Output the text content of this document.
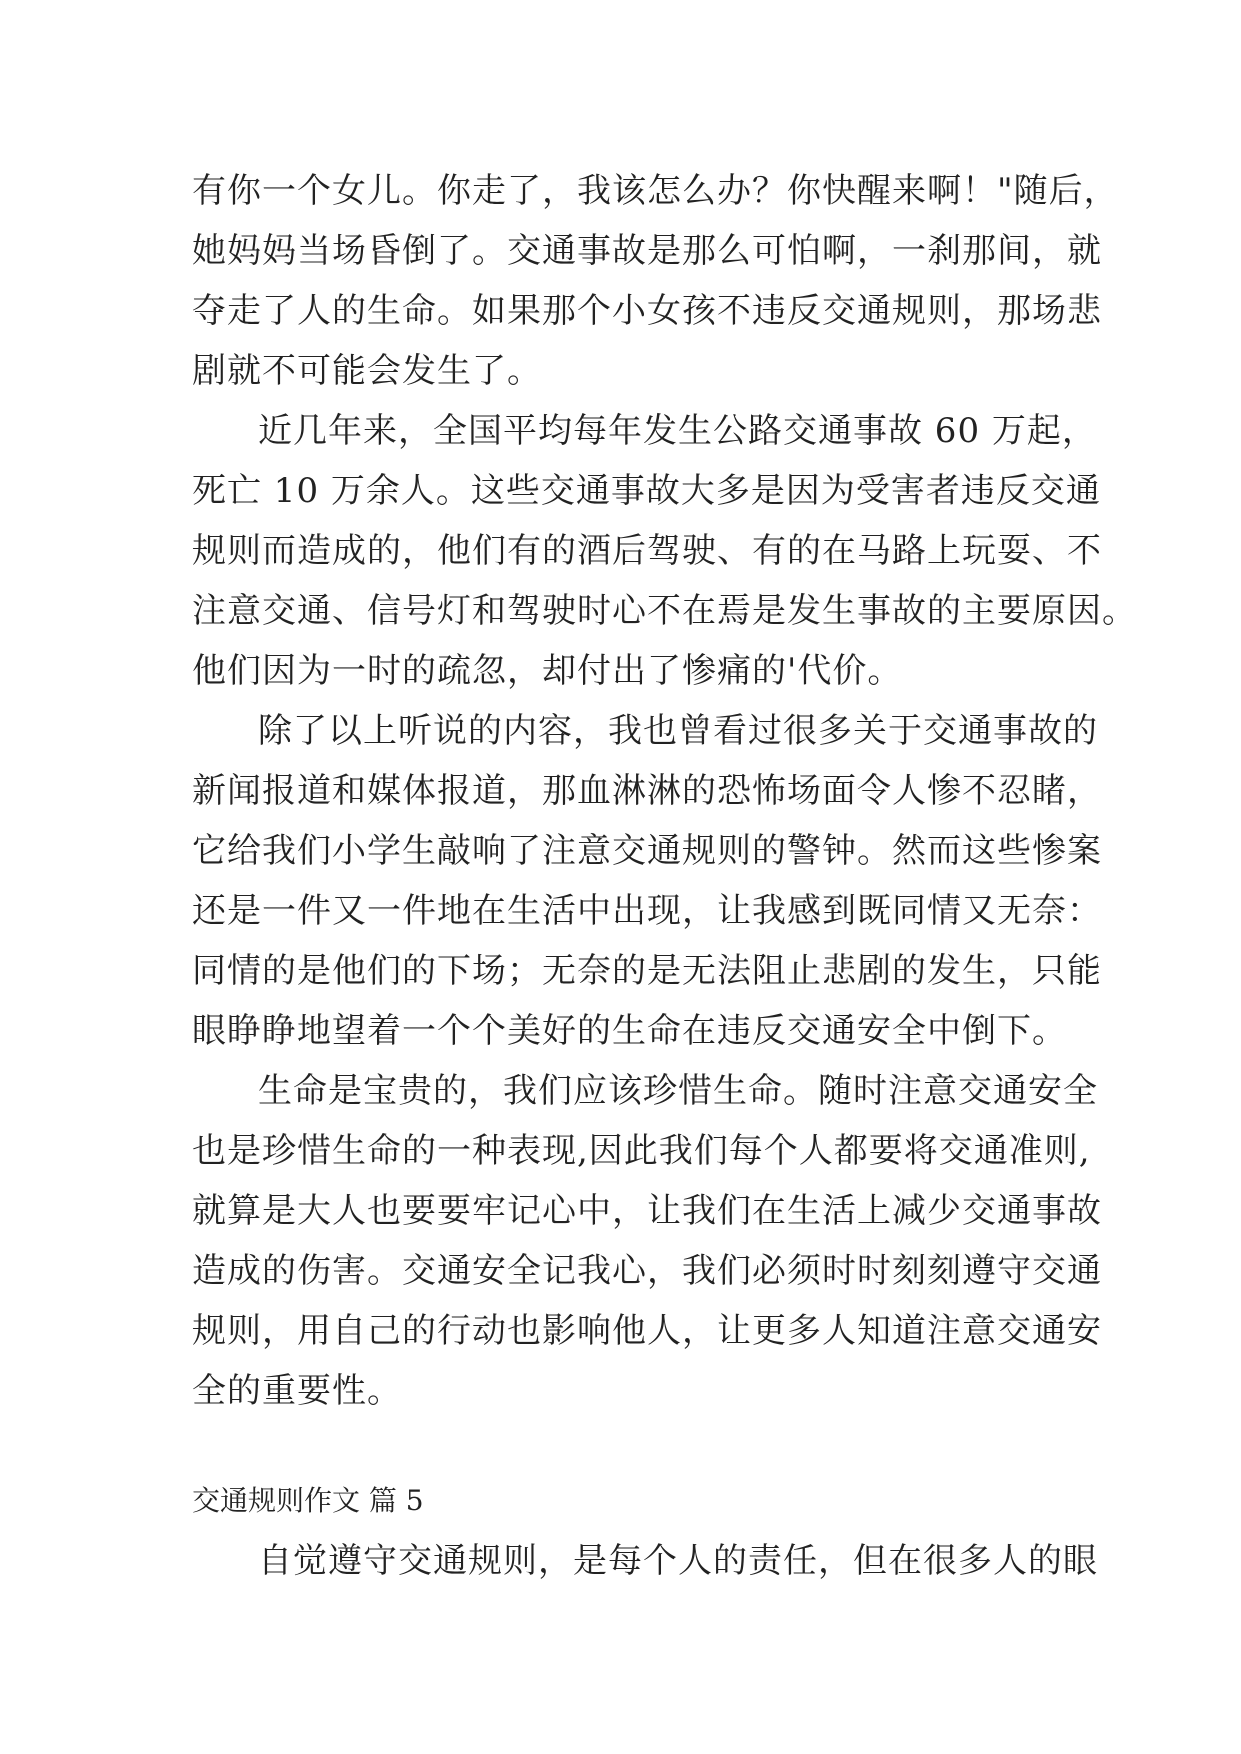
有你一个女儿。你走了，我该怎么办？你快醒来啊！"随后，
她妈妈当场昏倒了。交通事故是那么可怕啊，一刹那间，就
夺走了人的生命。如果那个小女孩不违反交通规则，那场悲
剧就不可能会发生了。
近几年来，全国平均每年发生公路交通事故 60 万起，
死亡 10 万余人。这些交通事故大多是因为受害者违反交通
规则而造成的，他们有的酒后驾驶、有的在马路上玩耍、不
注意交通、信号灯和驾驶时心不在焉是发生事故的主要原因。
他们因为一时的疏忽，却付出了惨痛的'代价。
除了以上听说的内容，我也曾看过很多关于交通事故的
新闻报道和媒体报道，那血淋淋的恐怖场面令人惨不忍睹，
它给我们小学生敲响了注意交通规则的警钟。然而这些惨案
还是一件又一件地在生活中出现，让我感到既同情又无奈：
同情的是他们的下场；无奈的是无法阻止悲剧的发生，只能
眼睁睁地望着一个个美好的生命在违反交通安全中倒下。
生命是宝贵的，我们应该珍惜生命。随时注意交通安全
也是珍惜生命的一种表现,因此我们每个人都要将交通准则,
就算是大人也要要牢记心中，让我们在生活上减少交通事故
造成的伤害。交通安全记我心，我们必须时时刻刻遵守交通
规则，用自己的行动也影响他人，让更多人知道注意交通安
全的重要性。
交通规则作文 篇 5
自觉遵守交通规则，是每个人的责任，但在很多人的眼
